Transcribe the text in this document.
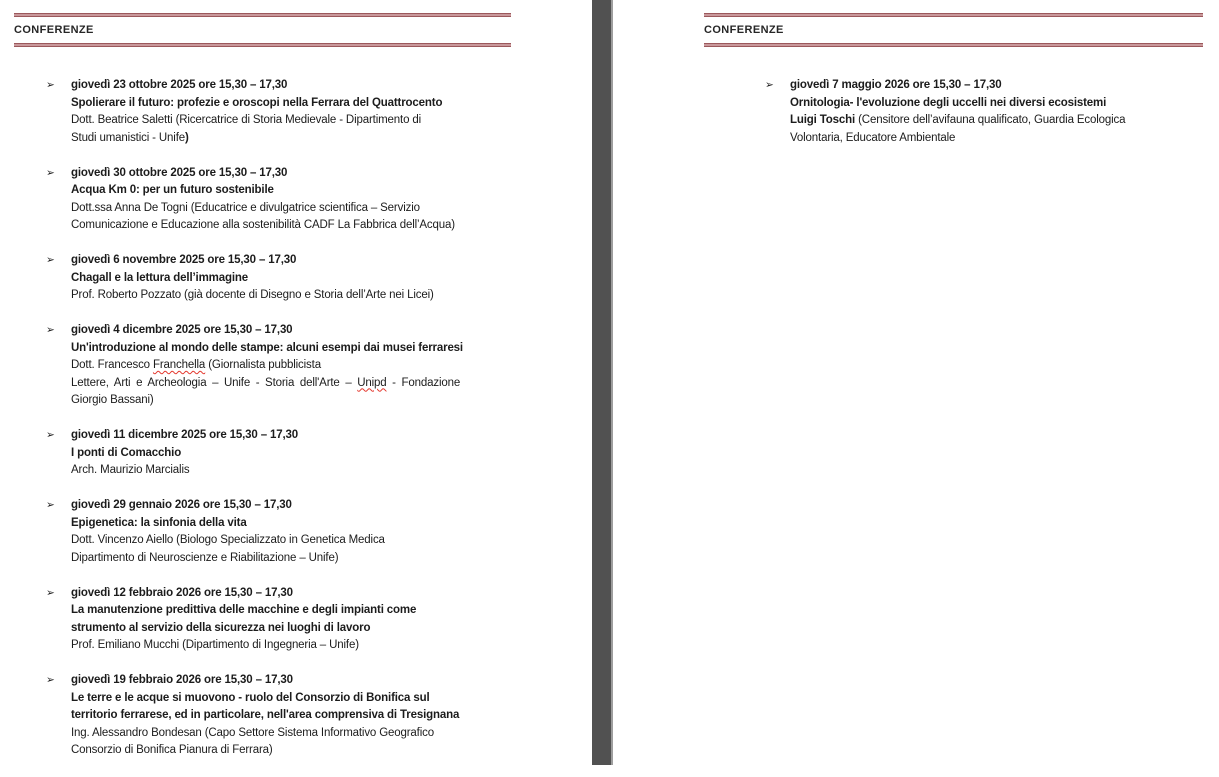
CONFERENZE
➢	giovedì 23 ottobre 2025 ore 15,30 – 17,30
Spolierare il futuro: profezie e oroscopi nella Ferrara del Quattrocento
Dott. Beatrice Saletti (Ricercatrice di Storia Medievale - Dipartimento di
Studi umanistici - Unife)
➢	giovedì 30 ottobre 2025 ore 15,30 – 17,30
Acqua Km 0: per un futuro sostenibile
Dott.ssa Anna De Togni (Educatrice e divulgatrice scientifica – Servizio
Comunicazione e Educazione alla sostenibilità CADF La Fabbrica dell’Acqua)
➢	giovedì 6 novembre 2025 ore 15,30 – 17,30
Chagall e la lettura dell’immagine
Prof. Roberto Pozzato (già docente di Disegno e Storia dell’Arte nei Licei)
➢	giovedì 4 dicembre 2025 ore 15,30 – 17,30
Un'introduzione al mondo delle stampe: alcuni esempi dai musei ferraresi
Dott. Francesco Franchella (Giornalista pubblicista
Lettere, Arti e Archeologia – Unife - Storia dell'Arte – Unipd - Fondazione
Giorgio Bassani)
➢	giovedì 11 dicembre 2025 ore 15,30 – 17,30
I ponti di Comacchio
Arch. Maurizio Marcialis
➢	giovedì 29 gennaio 2026 ore 15,30 – 17,30
Epigenetica: la sinfonia della vita
Dott. Vincenzo Aiello (Biologo Specializzato in Genetica Medica
Dipartimento di Neuroscienze e Riabilitazione – Unife)
➢	giovedì 12 febbraio 2026 ore 15,30 – 17,30
La manutenzione predittiva delle macchine e degli impianti come
strumento al servizio della sicurezza nei luoghi di lavoro
Prof. Emiliano Mucchi (Dipartimento di Ingegneria – Unife)
➢	giovedì 19 febbraio 2026 ore 15,30 – 17,30
Le terre e le acque si muovono - ruolo del Consorzio di Bonifica sul
territorio ferrarese, ed in particolare, nell'area comprensiva di Tresignana
Ing. Alessandro Bondesan (Capo Settore Sistema Informativo Geografico
Consorzio di Bonifica Pianura di Ferrara)
CONFERENZE
➢	giovedì 7 maggio 2026 ore 15,30 – 17,30
Ornitologia- l'evoluzione degli uccelli nei diversi ecosistemi
Luigi Toschi (Censitore dell’avifauna qualificato, Guardia Ecologica
Volontaria, Educatore Ambientale
